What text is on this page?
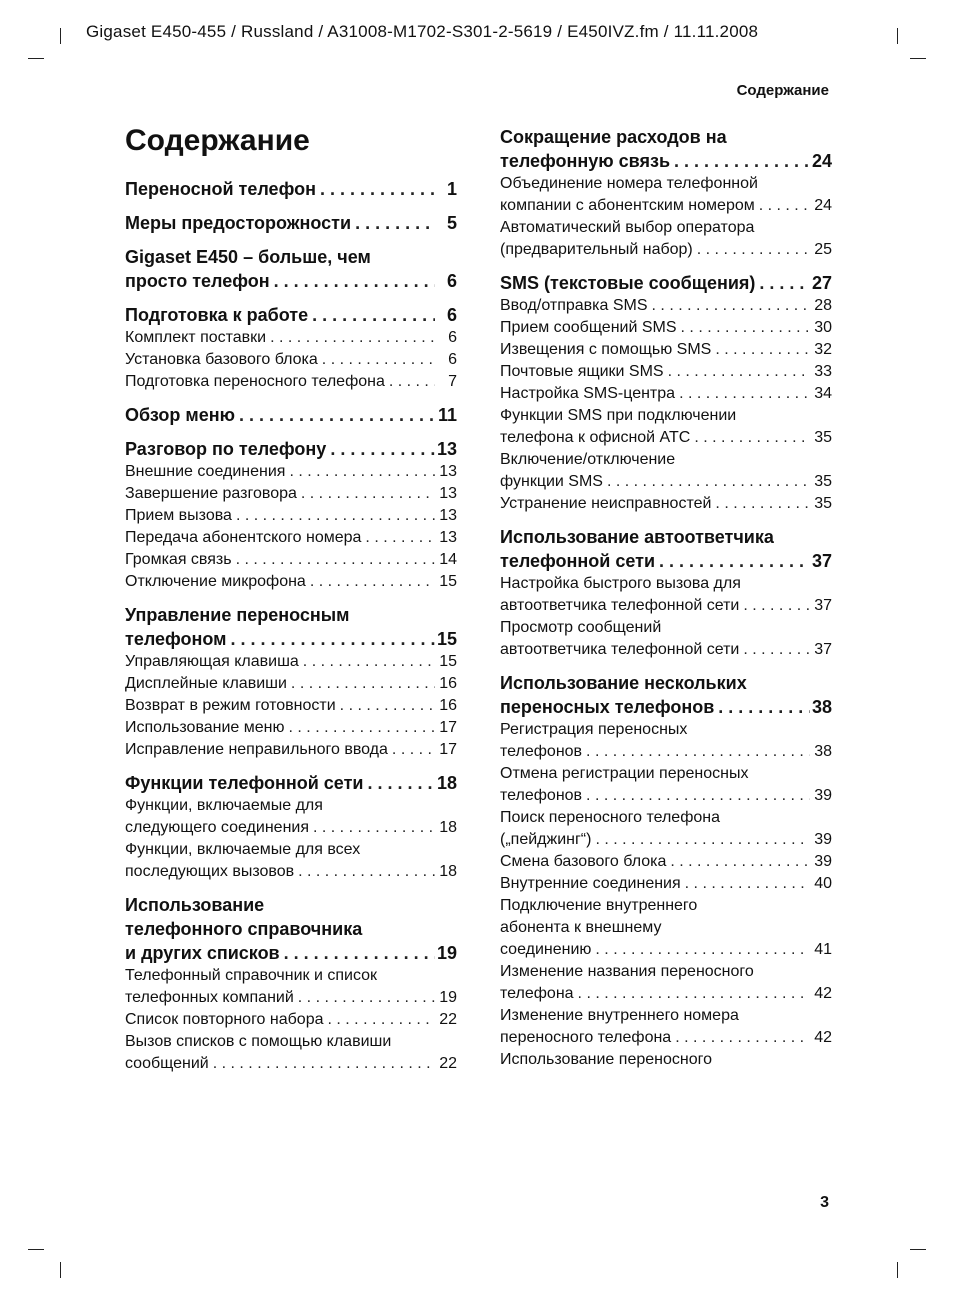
Gigaset E450-455 / Russland / A31008-M1702-S301-2-5619 / E450IVZ.fm / 11.11.2008
Содержание
Содержание
Переносной телефон . . .	1
Меры предосторожности . . .	5
Gigaset E450 – больше, чем
просто телефон . . .	6
Подготовка к работе . . .	6
Комплект поставки . . .	6
Установка базового блока . . .	6
Подготовка переносного телефона . . .	7
Обзор меню . . .	11
Разговор по телефону . . .	13
Внешние соединения . . .	13
Завершение разговора . . .	13
Прием вызова . . .	13
Передача абонентского номера . . .	13
Громкая связь . . .	14
Отключение микрофона . . .	15
Управление переносным
телефоном . . .	15
Управляющая клавиша . . .	15
Дисплейные клавиши . . .	16
Возврат в режим готовности . . .	16
Использование меню . . .	17
Исправление неправильного ввода . . .	17
Функции телефонной сети . . .	18
Функции, включаемые для
следующего соединения . . .	18
Функции, включаемые для всех
последующих вызовов . . .	18
Использование
телефонного справочника
и других списков . . .	19
Телефонный справочник и список
телефонных компаний . . .	19
Список повторного набора . . .	22
Вызов списков с помощью клавиши
сообщений . . .	22
Сокращение расходов на
телефонную связь . . .	24
Объединение номера телефонной
компании с абонентским номером . . .	24
Автоматический выбор оператора
(предварительный набор) . . .	25
SMS (текстовые сообщения) . . .	27
Ввод/отправка SMS . . .	28
Прием сообщений SMS . . .	30
Извещения с помощью SMS . . .	32
Почтовые ящики SMS . . .	33
Настройка SMS-центра . . .	34
Функции SMS при подключении
телефона к офисной АТС . . .	35
Включение/отключение
функции SMS . . .	35
Устранение неисправностей . . .	35
Использование автоответчика
телефонной сети . . .	37
Настройка быстрого вызова для
автоответчика телефонной сети . . .	37
Просмотр сообщений
автоответчика телефонной сети . . .	37
Использование нескольких
переносных телефонов . . .	38
Регистрация переносных
телефонов . . .	38
Отмена регистрации переносных
телефонов . . .	39
Поиск переносного телефона
(„пейджинг“) . . .	39
Смена базового блока . . .	39
Внутренние соединения . . .	40
Подключение внутреннего
абонента к внешнему
соединению . . .	41
Изменение названия переносного
телефона . . .	42
Изменение внутреннего номера
переносного телефона . . .	42
Использование переносного
3
